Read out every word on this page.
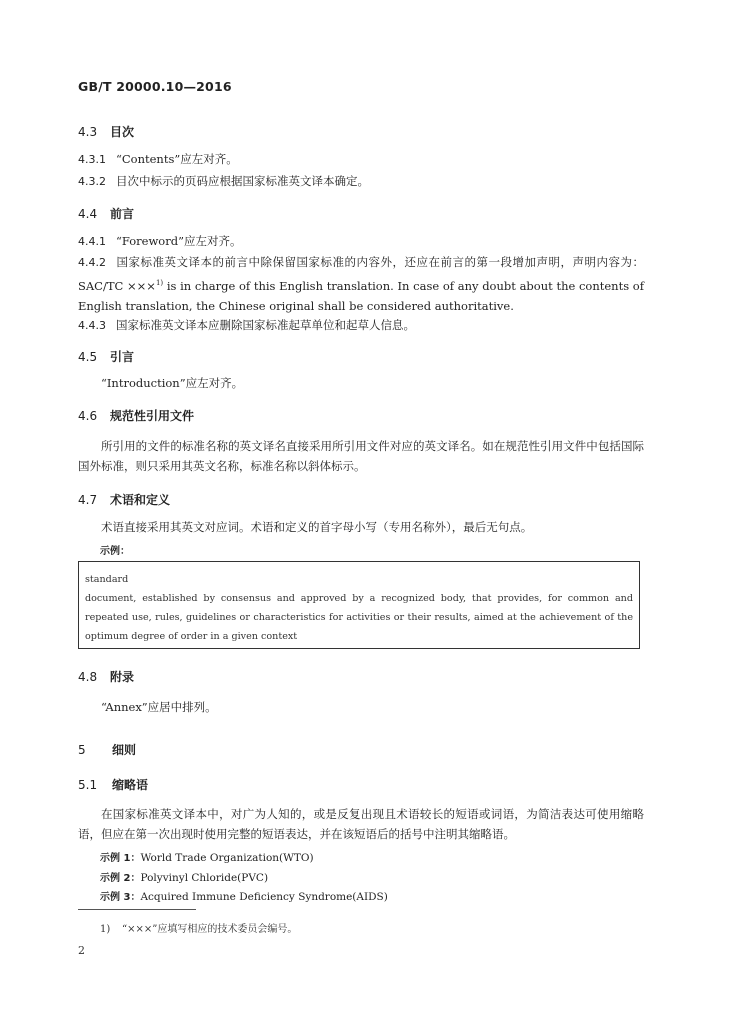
GB/T 20000.10—2016
4.3 目次
4.3.1 “Contents”应左对齐。
4.3.2 目次中标示的页码应根据国家标准英文译本确定。
4.4 前言
4.4.1 “Foreword”应左对齐。
4.4.2 国家标准英文译本的前言中除保留国家标准的内容外，还应在前言的第一段增加声明，声明内容为：SAC/TC ×××$^{1)}$ is in charge of this English translation. In case of any doubt about the contents of English translation, the Chinese original shall be considered authoritative.
4.4.3 国家标准英文译本应删除国家标准起草单位和起草人信息。
4.5 引言
“Introduction”应左对齐。
4.6 规范性引用文件
所引用的文件的标准名称的英文译名直接采用所引用文件对应的英文译名。如在规范性引用文件中包括国际国外标准，则只采用其英文名称，标准名称以斜体标示。
4.7 术语和定义
术语直接采用其英文对应词。术语和定义的首字母小写（专用名称外），最后无句点。
示例：
standard
document, established by consensus and approved by a recognized body, that provides, for common and repeated use, rules, guidelines or characteristics for activities or their results, aimed at the achievement of the optimum degree of order in a given context
4.8 附录
“Annex”应居中排列。
5 细则
5.1 缩略语
在国家标准英文译本中，对广为人知的，或是反复出现且术语较长的短语或词语，为简洁表达可使用缩略语，但应在第一次出现时使用完整的短语表达，并在该短语后的括号中注明其缩略语。
示例 1：World Trade Organization(WTO)
示例 2：Polyvinyl Chloride(PVC)
示例 3：Acquired Immune Deficiency Syndrome(AIDS)
1) “×××”应填写相应的技术委员会编号。
2
